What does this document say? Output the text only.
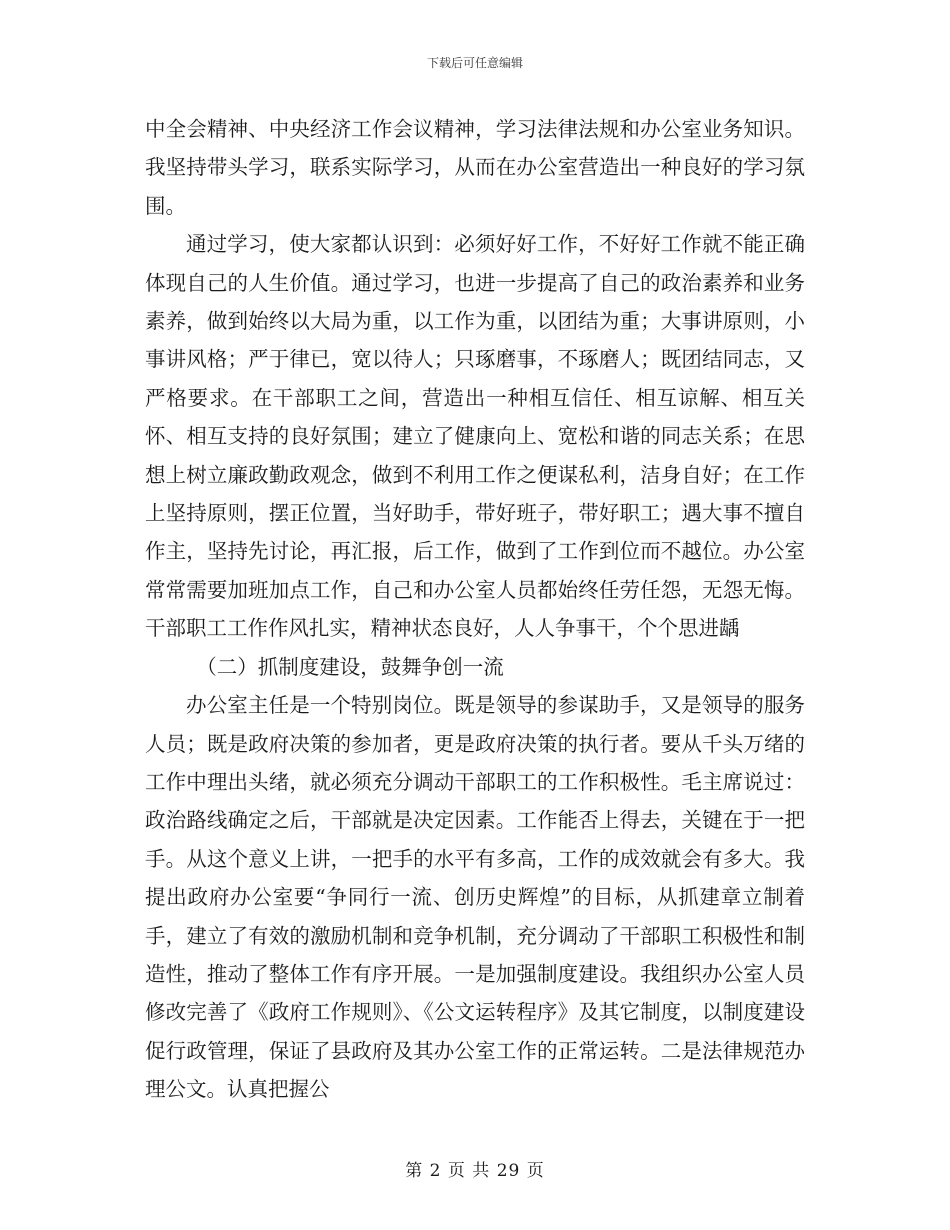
下载后可任意编辑

中全会精神、中央经济工作会议精神，学习法律法规和办公室业务知识。我坚持带头学习，联系实际学习，从而在办公室营造出一种良好的学习氛围。

通过学习，使大家都认识到：必须好好工作，不好好工作就不能正确体现自己的人生价值。通过学习，也进一步提高了自己的政治素养和业务素养，做到始终以大局为重，以工作为重，以团结为重；大事讲原则，小事讲风格；严于律已，宽以待人；只琢磨事，不琢磨人；既团结同志，又严格要求。在干部职工之间，营造出一种相互信任、相互谅解、相互关怀、相互支持的良好氛围；建立了健康向上、宽松和谐的同志关系；在思想上树立廉政勤政观念，做到不利用工作之便谋私利，洁身自好；在工作上坚持原则，摆正位置，当好助手，带好班子，带好职工；遇大事不擅自作主，坚持先讨论，再汇报，后工作，做到了工作到位而不越位。办公室常常需要加班加点工作，自己和办公室人员都始终任劳任怨，无怨无悔。干部职工工作作风扎实，精神状态良好，人人争事干，个个思进龋

（二）抓制度建设，鼓舞争创一流

办公室主任是一个特别岗位。既是领导的参谋助手，又是领导的服务人员；既是政府决策的参加者，更是政府决策的执行者。要从千头万绪的工作中理出头绪，就必须充分调动干部职工的工作积极性。毛主席说过：政治路线确定之后，干部就是决定因素。工作能否上得去，关键在于一把手。从这个意义上讲，一把手的水平有多高，工作的成效就会有多大。我提出政府办公室要“争同行一流、创历史辉煌”的目标，从抓建章立制着手，建立了有效的激励机制和竞争机制，充分调动了干部职工积极性和制造性，推动了整体工作有序开展。一是加强制度建设。我组织办公室人员修改完善了《政府工作规则》、《公文运转程序》及其它制度，以制度建设促行政管理，保证了县政府及其办公室工作的正常运转。二是法律规范办理公文。认真把握公

第 2 页 共 29 页
